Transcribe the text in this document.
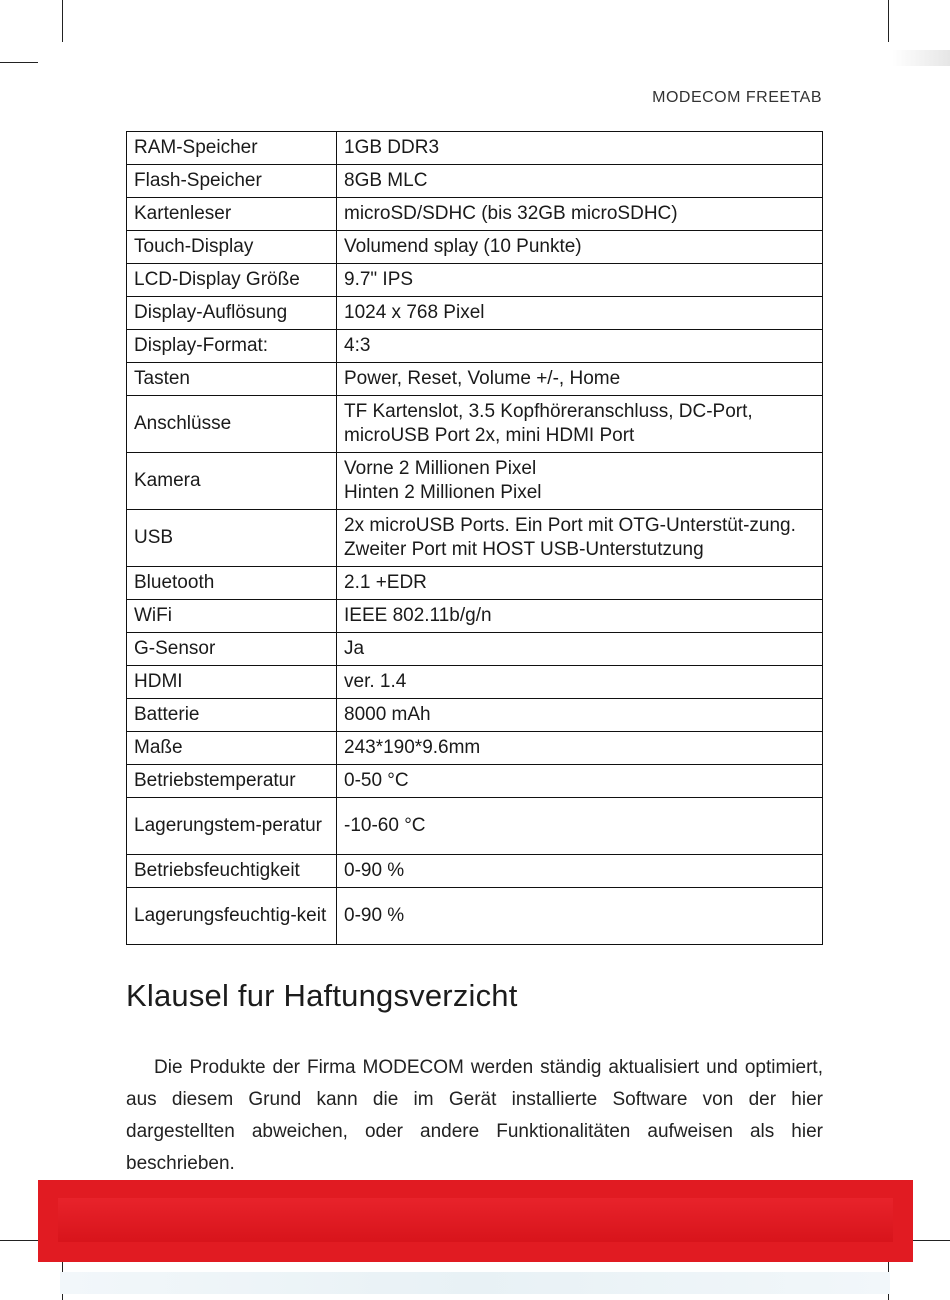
MODECOM FREETAB
RAM-Speicher	1GB DDR3
Flash-Speicher	8GB MLC
Kartenleser	microSD/SDHC (bis 32GB microSDHC)
Touch-Display	Volumend splay (10 Punkte)
LCD-Display Größe	9.7" IPS
Display-Auflösung	1024 x 768 Pixel
Display-Format:	4:3
Tasten	Power, Reset, Volume +/-, Home
Anschlüsse	TF Kartenslot, 3.5 Kopfhöreranschluss, DC-Port, microUSB Port 2x, mini HDMI Port
Kamera	Vorne 2 Millionen Pixel
Hinten 2 Millionen Pixel

USB	2x microUSB Ports. Ein Port mit OTG-Unterstüt-zung. Zweiter Port mit HOST USB-Unterstutzung
Bluetooth	2.1 +EDR
WiFi	IEEE 802.11b/g/n
G-Sensor	Ja
HDMI	ver. 1.4
Batterie	8000 mAh
Maße	243*190*9.6mm
Betriebstemperatur	0-50 °C
Lagerungstem-peratur	-10-60 °C
Betriebsfeuchtigkeit	0-90 %
Lagerungsfeuchtig-keit	0-90 %
Klausel fur Haftungsverzicht
Die Produkte der Firma MODECOM werden ständig aktualisiert und optimiert, aus diesem Grund kann die im Gerät installierte Software von der hier dargestellten abweichen, oder andere Funktionalitäten aufweisen als hier beschrieben.
